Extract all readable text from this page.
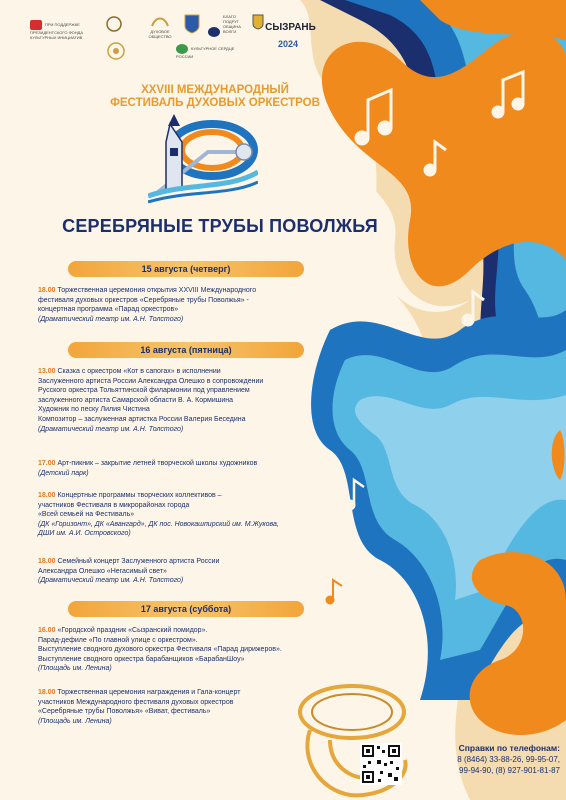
ПРИ ПОДДЕРЖКЕ ПРЕЗИДЕНТСКОГО ФОНДА КУЛЬТУРНЫХ ИНИЦИАТИВ

ДУХОВОЕ ОБЩЕСТВО
БЛАГО ПОДРУГ ОБЩИНА ВОЛГИ	СЫЗРАНЬ
КУЛЬТУРНОЕ СЕРДЦЕ РОССИИ
2024
XXVIII МЕЖДУНАРОДНЫЙ
ФЕСТИВАЛЬ ДУХОВЫХ ОРКЕСТРОВ
СЕРЕБРЯНЫЕ ТРУБЫ ПОВОЛЖЬЯ
15 августа (четверг)
18.00 Торжественная церемония открытия XXVIII Международного
фестиваля духовых оркестров «Серебряные трубы Поволжья» -
концертная программа «Парад оркестров»
(Драматический театр им. А.Н. Толстого)
16 августа (пятница)
13.00 Сказка с оркестром «Кот в сапогах» в исполнении
Заслуженного артиста России Александра Олешко в сопровождении
Русского оркестра Тольяттинской филармонии под управлением
заслуженного артиста Самарской области В. А. Кормишина
Художник по песку Лилия Чистина
Композитор – заслуженная артистка России Валерия Беседина
(Драматический театр им. А.Н. Толстого)
17.00 Арт-пикник – закрытие летней творческой школы художников
(Детский парк)
18.00 Концертные программы творческих коллективов –
участников Фестиваля в микрорайонах города
«Всей семьей на Фестиваль»
(ДК «Горизонт», ДК «Авангард», ДК пос. Новокашпирский им. М.Жукова,
ДШИ им. А.И. Островского)
18.00 Семейный концерт Заслуженного артиста России
Александра Олешко «Негасимый свет»
(Драматический театр им. А.Н. Толстого)
17 августа (суббота)
16.00 «Городской праздник «Сызранский помидор».
Парад-дефиле «По главной улице с оркестром».
Выступление сводного духового оркестра Фестиваля «Парад дирижеров».
Выступление сводного оркестра барабанщиков «БарабанШоу»
(Площадь им. Ленина)
18.00 Торжественная церемония награждения и Гала-концерт
участников Международного фестиваля духовых оркестров
«Серебряные трубы Поволжья» «Виват, фестиваль»
(Площадь им. Ленина)
Справки по телефонам:
8 (8464) 33-88-26, 99-95-07,
99-94-90, (8) 927-901-81-87
